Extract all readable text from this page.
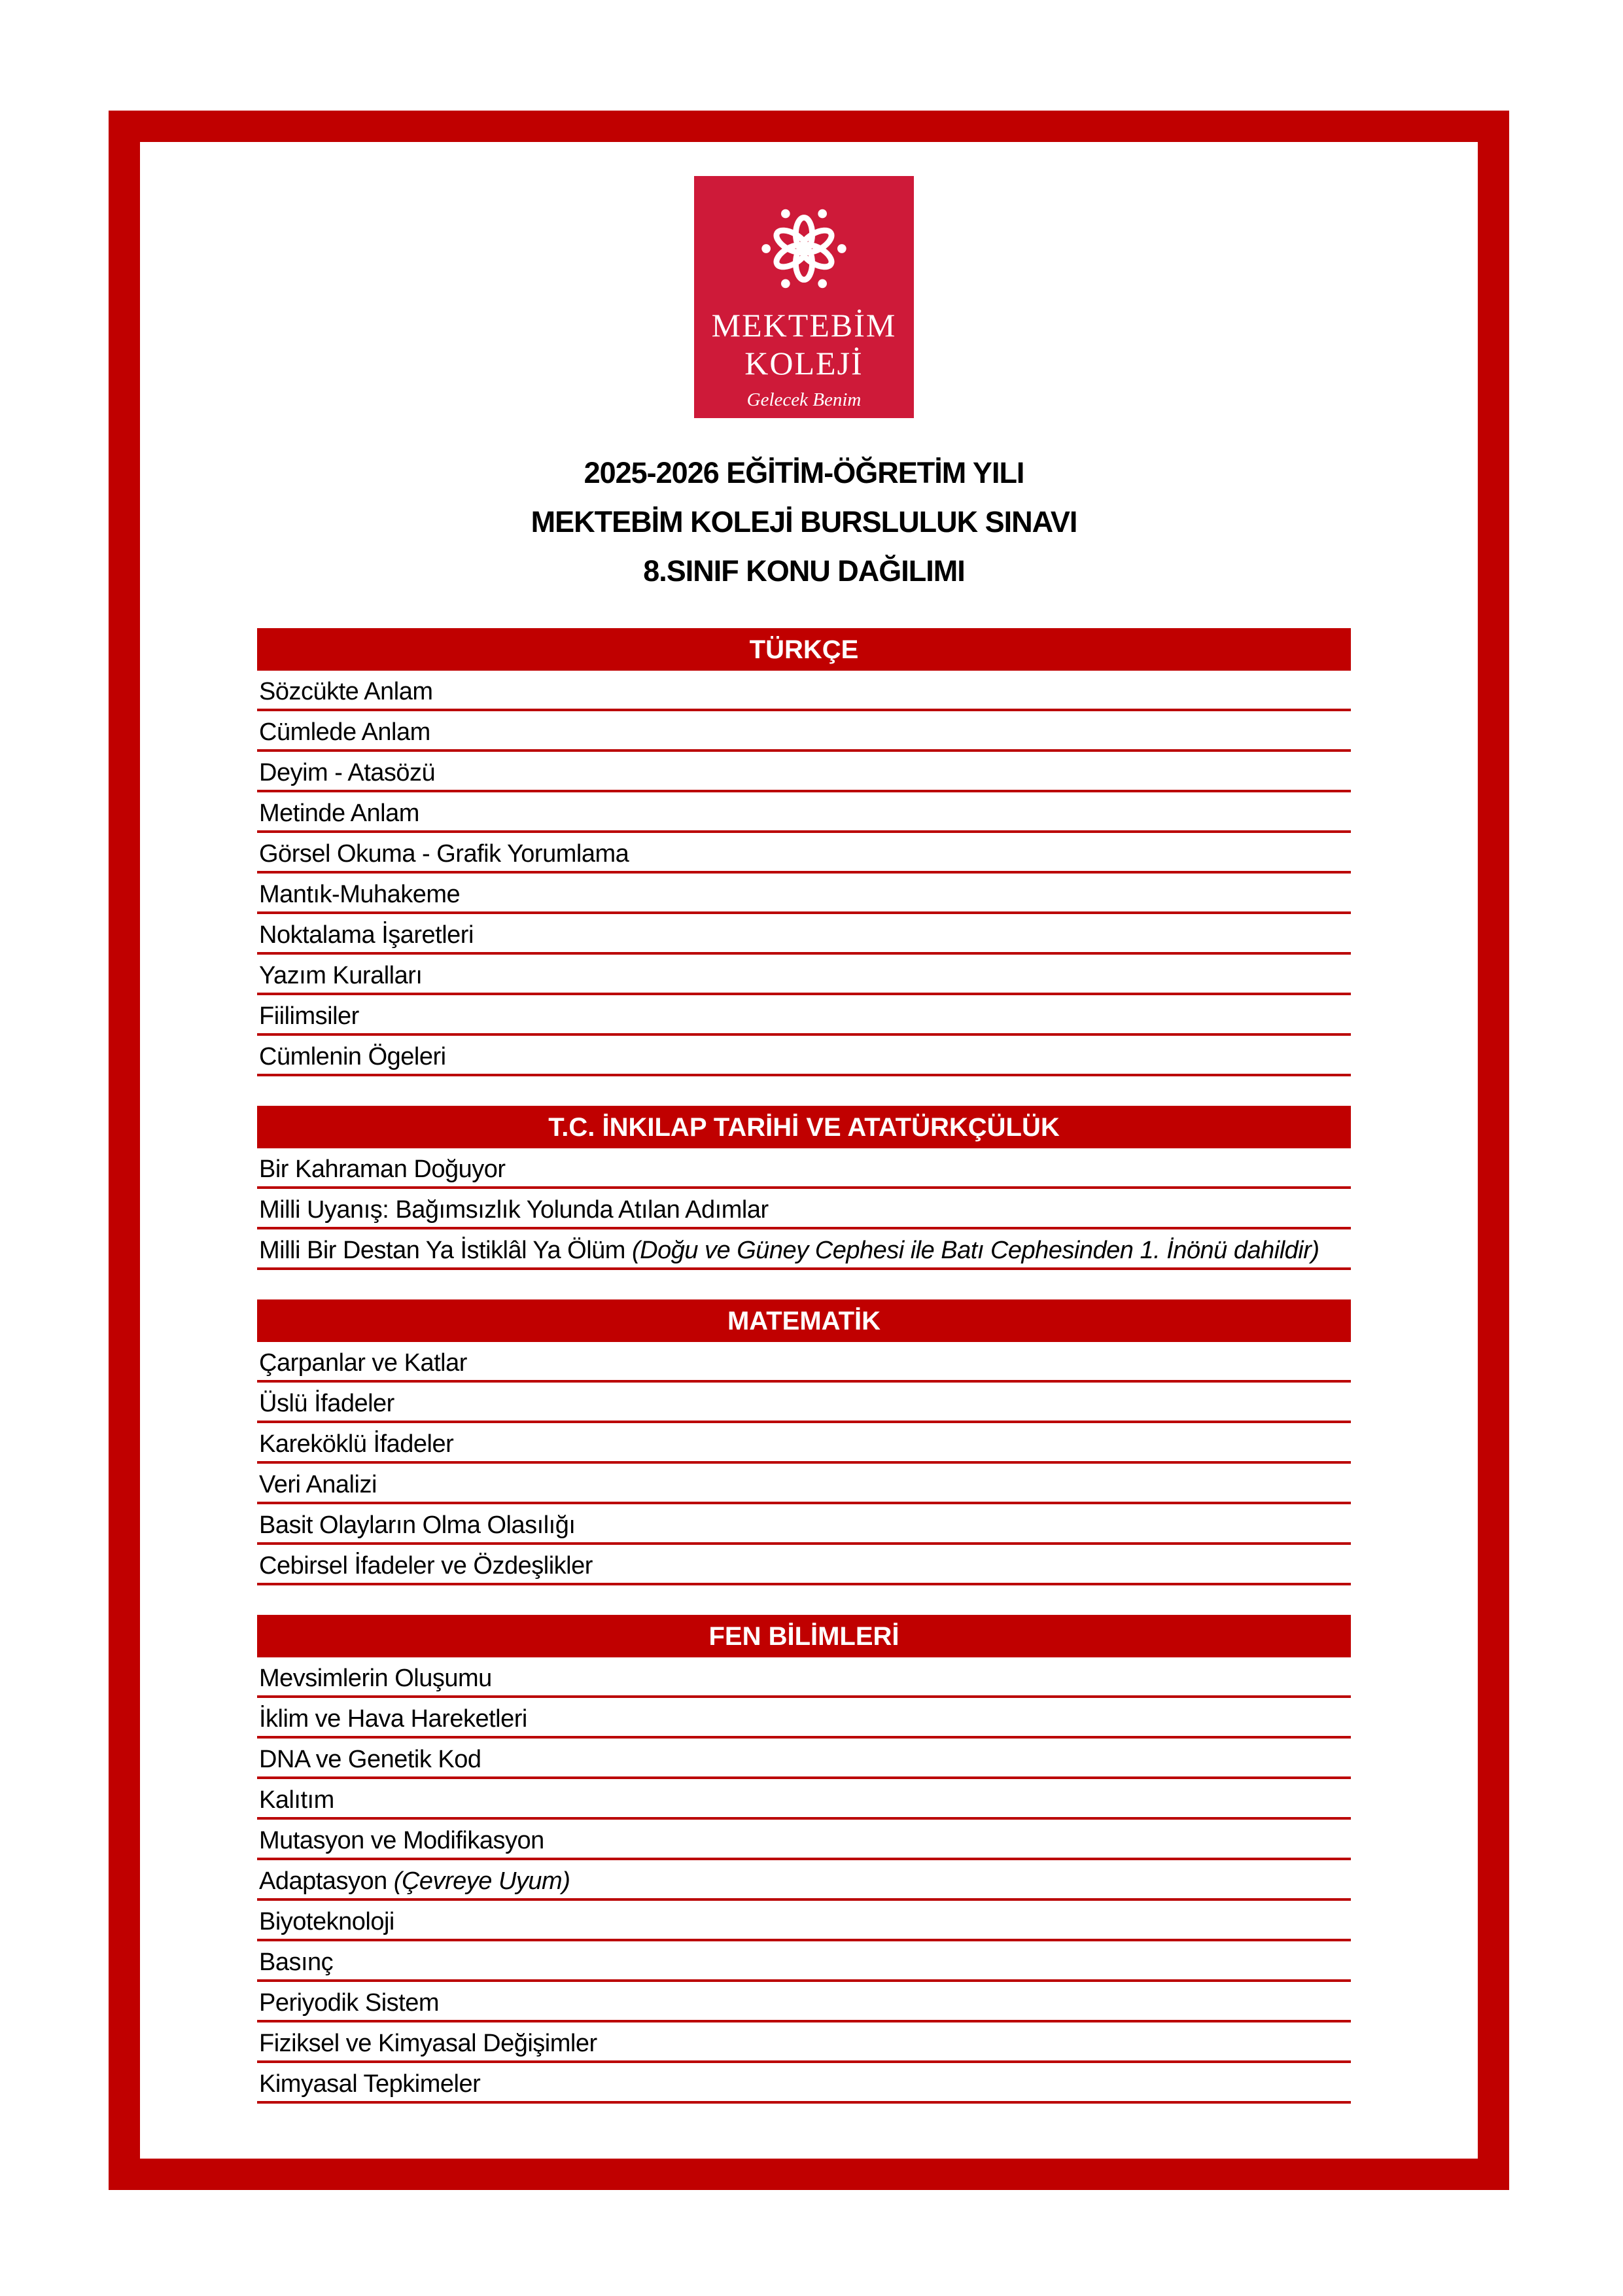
MEKTEBİM
KOLEJİ
Gelecek Benim
2025-2026 EĞİTİM-ÖĞRETİM YILI
MEKTEBİM KOLEJİ BURSLULUK SINAVI
8.SINIF KONU DAĞILIMI
TÜRKÇE
Sözcükte Anlam
Cümlede Anlam
Deyim - Atasözü
Metinde Anlam
Görsel Okuma - Grafik Yorumlama
Mantık-Muhakeme
Noktalama İşaretleri
Yazım Kuralları
Fiilimsiler
Cümlenin Ögeleri
T.C. İNKILAP TARİHİ VE ATATÜRKÇÜLÜK
Bir Kahraman Doğuyor
Milli Uyanış: Bağımsızlık Yolunda Atılan Adımlar
Milli Bir Destan Ya İstiklâl Ya Ölüm (Doğu ve Güney Cephesi ile Batı Cephesinden 1. İnönü dahildir)
MATEMATİK
Çarpanlar ve Katlar
Üslü İfadeler
Kareköklü İfadeler
Veri Analizi
Basit Olayların Olma Olasılığı
Cebirsel İfadeler ve Özdeşlikler
FEN BİLİMLERİ
Mevsimlerin Oluşumu
İklim ve Hava Hareketleri
DNA ve Genetik Kod
Kalıtım
Mutasyon ve Modifikasyon
Adaptasyon (Çevreye Uyum)
Biyoteknoloji
Basınç
Periyodik Sistem
Fiziksel ve Kimyasal Değişimler
Kimyasal Tepkimeler
